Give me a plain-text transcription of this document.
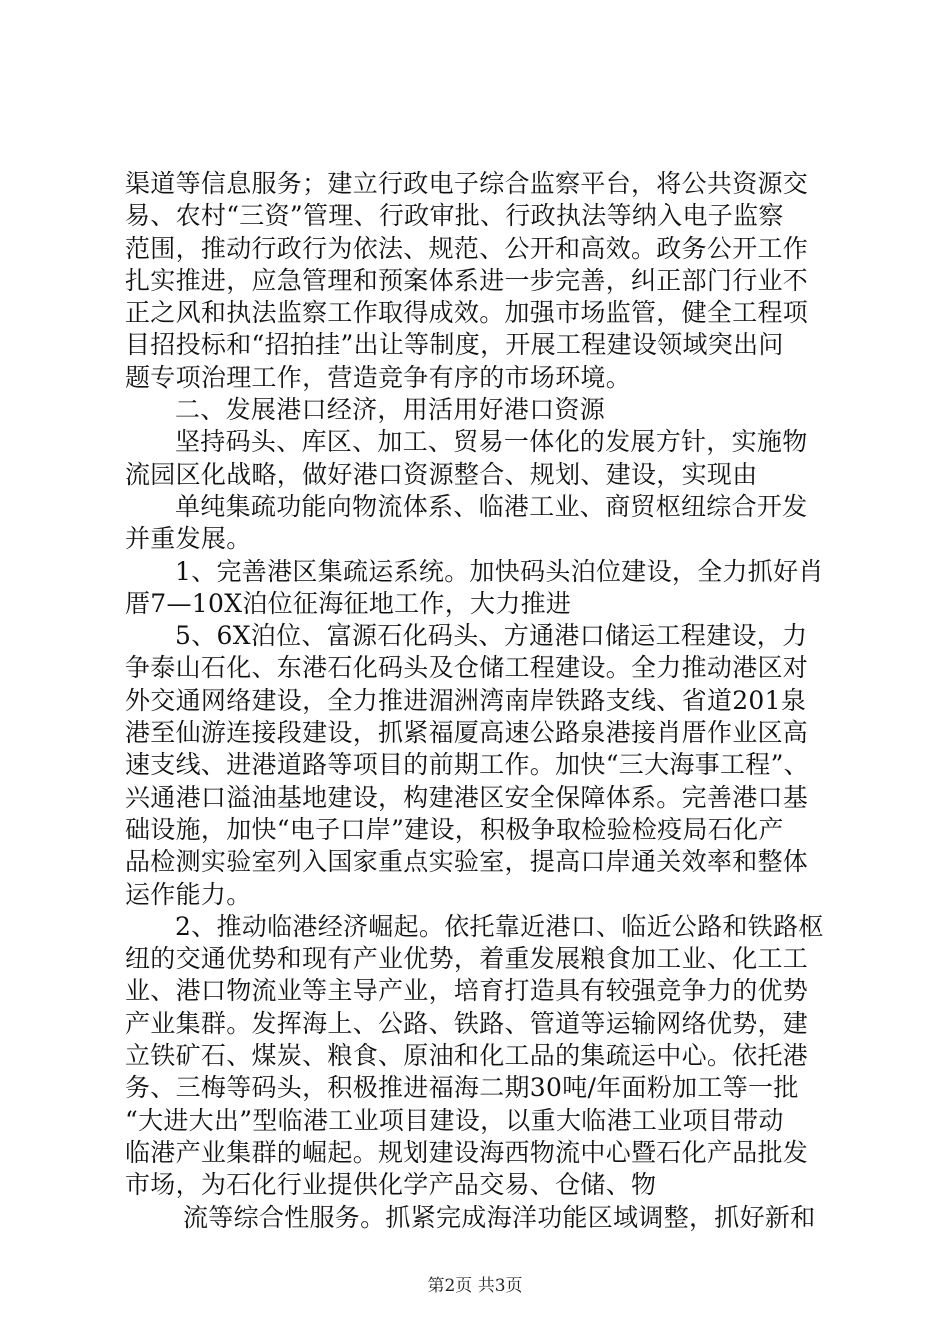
渠道等信息服务；建立行政电子综合监察平台，将公共资源交
易、农村“三资”管理、行政审批、行政执法等纳入电子监察
范围，推动行政行为依法、规范、公开和高效。政务公开工作
扎实推进，应急管理和预案体系进一步完善，纠正部门行业不
正之风和执法监察工作取得成效。加强市场监管，健全工程项
目招投标和“招拍挂”出让等制度，开展工程建设领域突出问
题专项治理工作，营造竞争有序的市场环境。
二、发展港口经济，用活用好港口资源
坚持码头、库区、加工、贸易一体化的发展方针，实施物
流园区化战略，做好港口资源整合、规划、建设，实现由
单纯集疏功能向物流体系、临港工业、商贸枢纽综合开发
并重发展。
1、完善港区集疏运系统。加快码头泊位建设，全力抓好肖
厝7—10X泊位征海征地工作，大力推进
5、6X泊位、富源石化码头、方通港口储运工程建设，力
争泰山石化、东港石化码头及仓储工程建设。全力推动港区对
外交通网络建设，全力推进湄洲湾南岸铁路支线、省道201泉
港至仙游连接段建设，抓紧福厦高速公路泉港接肖厝作业区高
速支线、进港道路等项目的前期工作。加快“三大海事工程”、
兴通港口溢油基地建设，构建港区安全保障体系。完善港口基
础设施，加快“电子口岸”建设，积极争取检验检疫局石化产
品检测实验室列入国家重点实验室，提高口岸通关效率和整体
运作能力。
2、推动临港经济崛起。依托靠近港口、临近公路和铁路枢
纽的交通优势和现有产业优势，着重发展粮食加工业、化工工
业、港口物流业等主导产业，培育打造具有较强竞争力的优势
产业集群。发挥海上、公路、铁路、管道等运输网络优势，建
立铁矿石、煤炭、粮食、原油和化工品的集疏运中心。依托港
务、三梅等码头，积极推进福海二期30吨/年面粉加工等一批
“大进大出”型临港工业项目建设，以重大临港工业项目带动
临港产业集群的崛起。规划建设海西物流中心暨石化产品批发
市场，为石化行业提供化学产品交易、仓储、物
流等综合性服务。抓紧完成海洋功能区域调整，抓好新和
第2页 共3页
